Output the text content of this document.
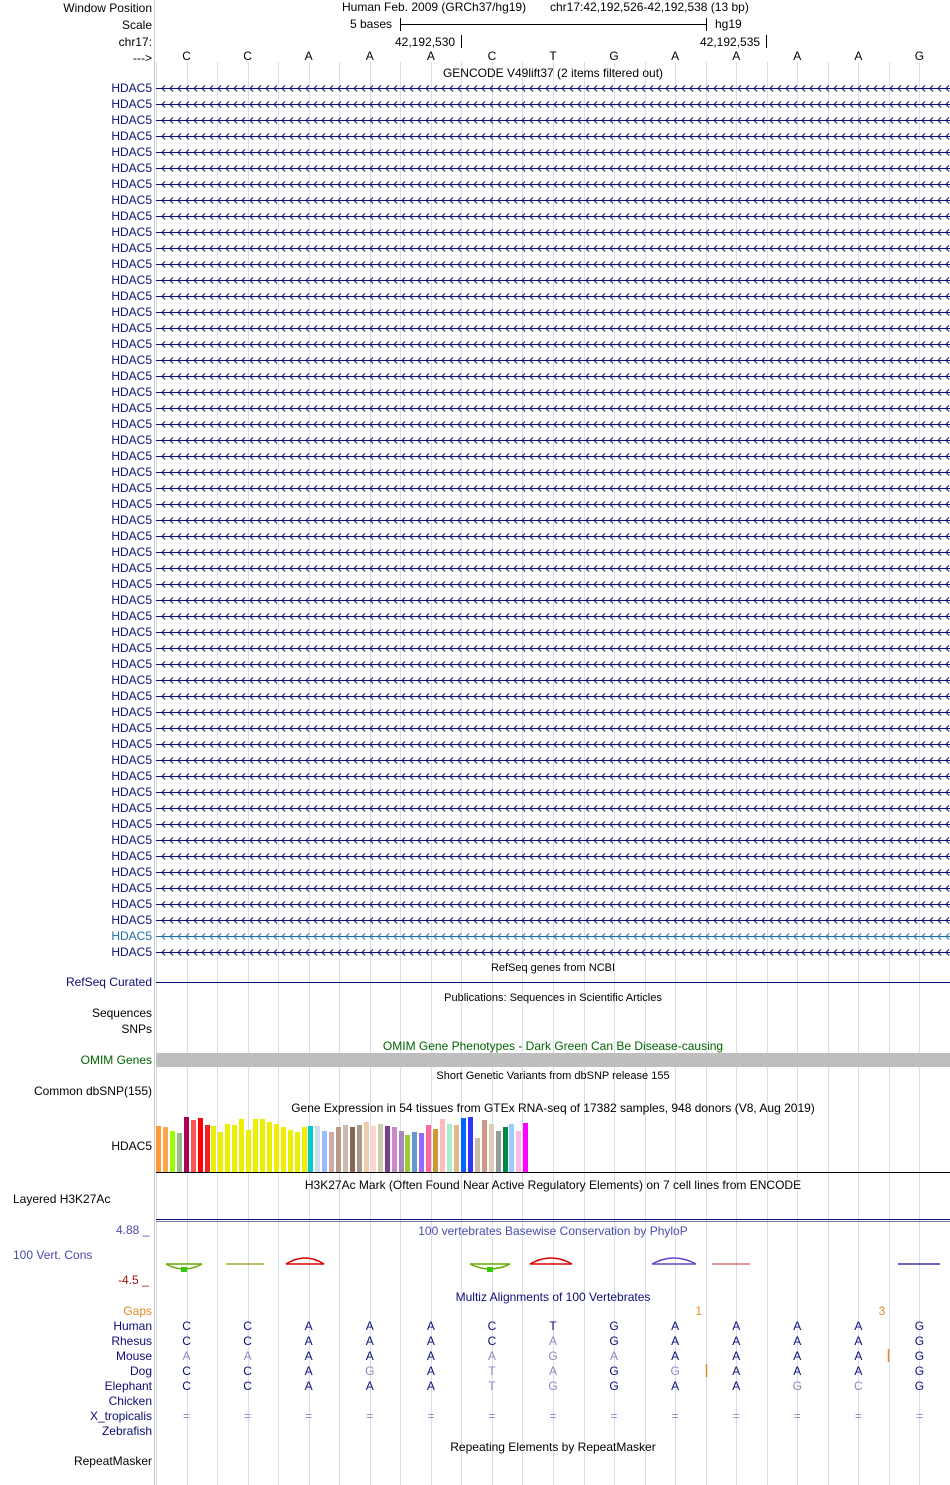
Window Position
Scale
chr17:
--->
Human Feb. 2009 (GRCh37/hg19) chr17:42,192,526-42,192,538 (13 bp)
5 bases	hg19
42,192,530	42,192,535
C	C	A	A	A	C	T	G	A	A	A	A	G
GENCODE V49lift37 (2 items filtered out)
HDAC5
HDAC5
HDAC5
HDAC5
HDAC5
HDAC5
HDAC5
HDAC5
HDAC5
HDAC5
HDAC5
HDAC5
HDAC5
HDAC5
HDAC5
HDAC5
HDAC5
HDAC5
HDAC5
HDAC5
HDAC5
HDAC5
HDAC5
HDAC5
HDAC5
HDAC5
HDAC5
HDAC5
HDAC5
HDAC5
HDAC5
HDAC5
HDAC5
HDAC5
HDAC5
HDAC5
HDAC5
HDAC5
HDAC5
HDAC5
HDAC5
HDAC5
HDAC5
HDAC5
HDAC5
HDAC5
HDAC5
HDAC5
HDAC5
HDAC5
HDAC5
HDAC5
HDAC5
HDAC5
HDAC5
RefSeq genes from NCBI
RefSeq Curated
Publications: Sequences in Scientific Articles
Sequences
SNPs
OMIM Gene Phenotypes - Dark Green Can Be Disease-causing
OMIM Genes
Short Genetic Variants from dbSNP release 155
Common dbSNP(155)
Gene Expression in 54 tissues from GTEx RNA-seq of 17382 samples, 948 donors (V8, Aug 2019)
HDAC5
H3K27Ac Mark (Often Found Near Active Regulatory Elements) on 7 cell lines from ENCODE
Layered H3K27Ac
100 vertebrates Basewise Conservation by PhyloP
4.88 _
100 Vert. Cons
-4.5 _
Multiz Alignments of 100 Vertebrates
Gaps	1	3
Human	C	C	A	A	A	C	T	G	A	A	A	A	G
Rhesus	C	C	A	A	A	C	A	G	A	A	A	A	G
Mouse	A	A	A	A	A	A	G	A	A	A	A	A	G
Dog	C	C	A	G	A	T	A	G	G	A	A	A	G
Elephant	C	C	A	A	A	T	G	G	A	A	G	C	G
Chicken
X_tropicalis	=	=	=	=	=	=	=	=	=	=	=	=	=
Zebrafish
Repeating Elements by RepeatMasker
RepeatMasker
